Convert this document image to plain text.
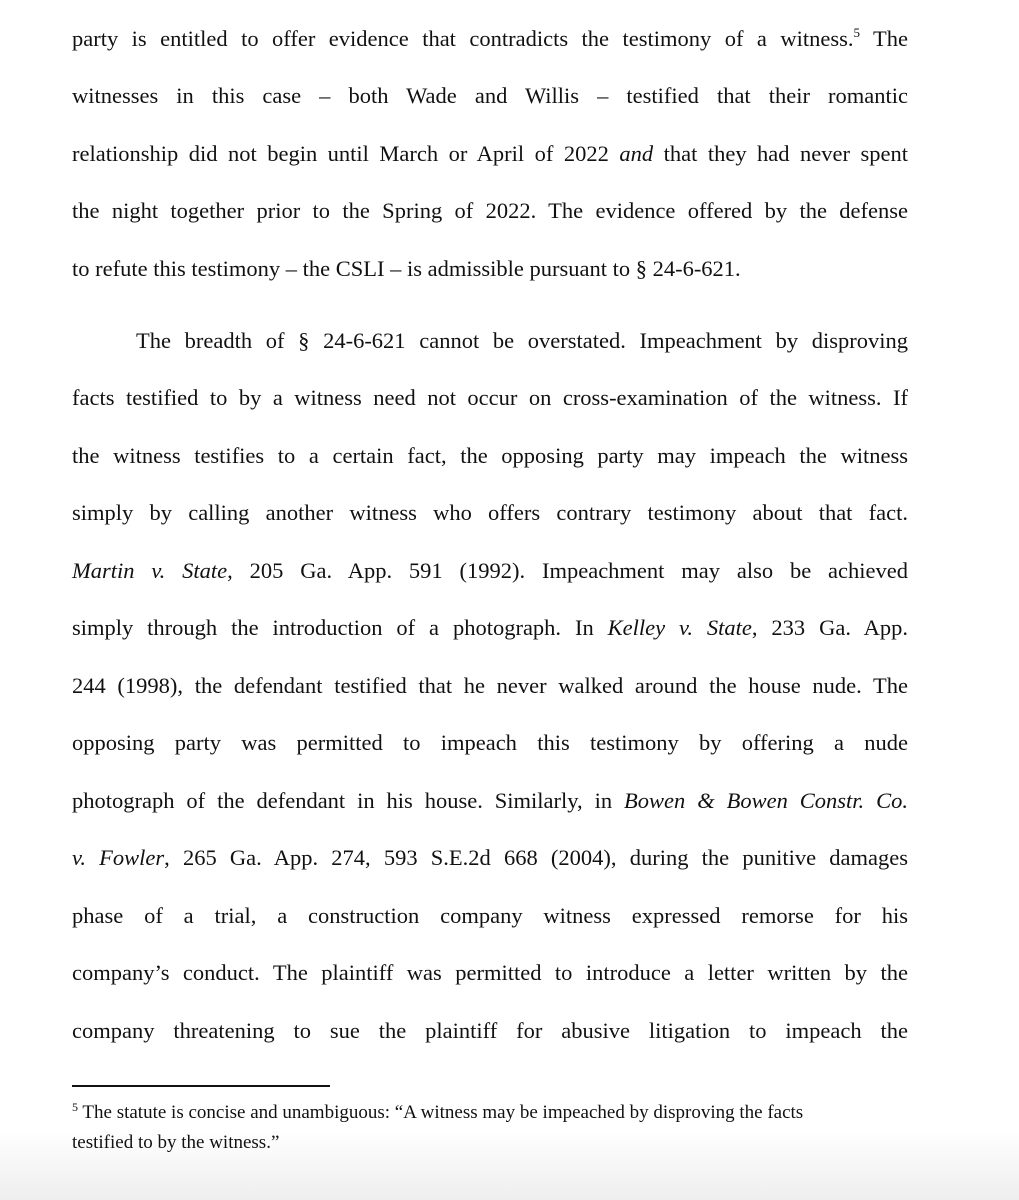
party is entitled to offer evidence that contradicts the testimony of a witness.$^5$ The
witnesses in this case – both Wade and Willis – testified that their romantic
relationship did not begin until March or April of 2022 and that they had never spent
the night together prior to the Spring of 2022. The evidence offered by the defense
to refute this testimony – the CSLI – is admissible pursuant to § 24-6-621.
The breadth of § 24-6-621 cannot be overstated. Impeachment by disproving
facts testified to by a witness need not occur on cross-examination of the witness. If
the witness testifies to a certain fact, the opposing party may impeach the witness
simply by calling another witness who offers contrary testimony about that fact.
Martin v. State, 205 Ga. App. 591 (1992). Impeachment may also be achieved
simply through the introduction of a photograph. In Kelley v. State, 233 Ga. App.
244 (1998), the defendant testified that he never walked around the house nude. The
opposing party was permitted to impeach this testimony by offering a nude
photograph of the defendant in his house. Similarly, in Bowen & Bowen Constr. Co.
v. Fowler, 265 Ga. App. 274, 593 S.E.2d 668 (2004), during the punitive damages
phase of a trial, a construction company witness expressed remorse for his
company’s conduct. The plaintiff was permitted to introduce a letter written by the
company threatening to sue the plaintiff for abusive litigation to impeach the
$^5$ The statute is concise and unambiguous: “A witness may be impeached by disproving the facts
testified to by the witness.”
